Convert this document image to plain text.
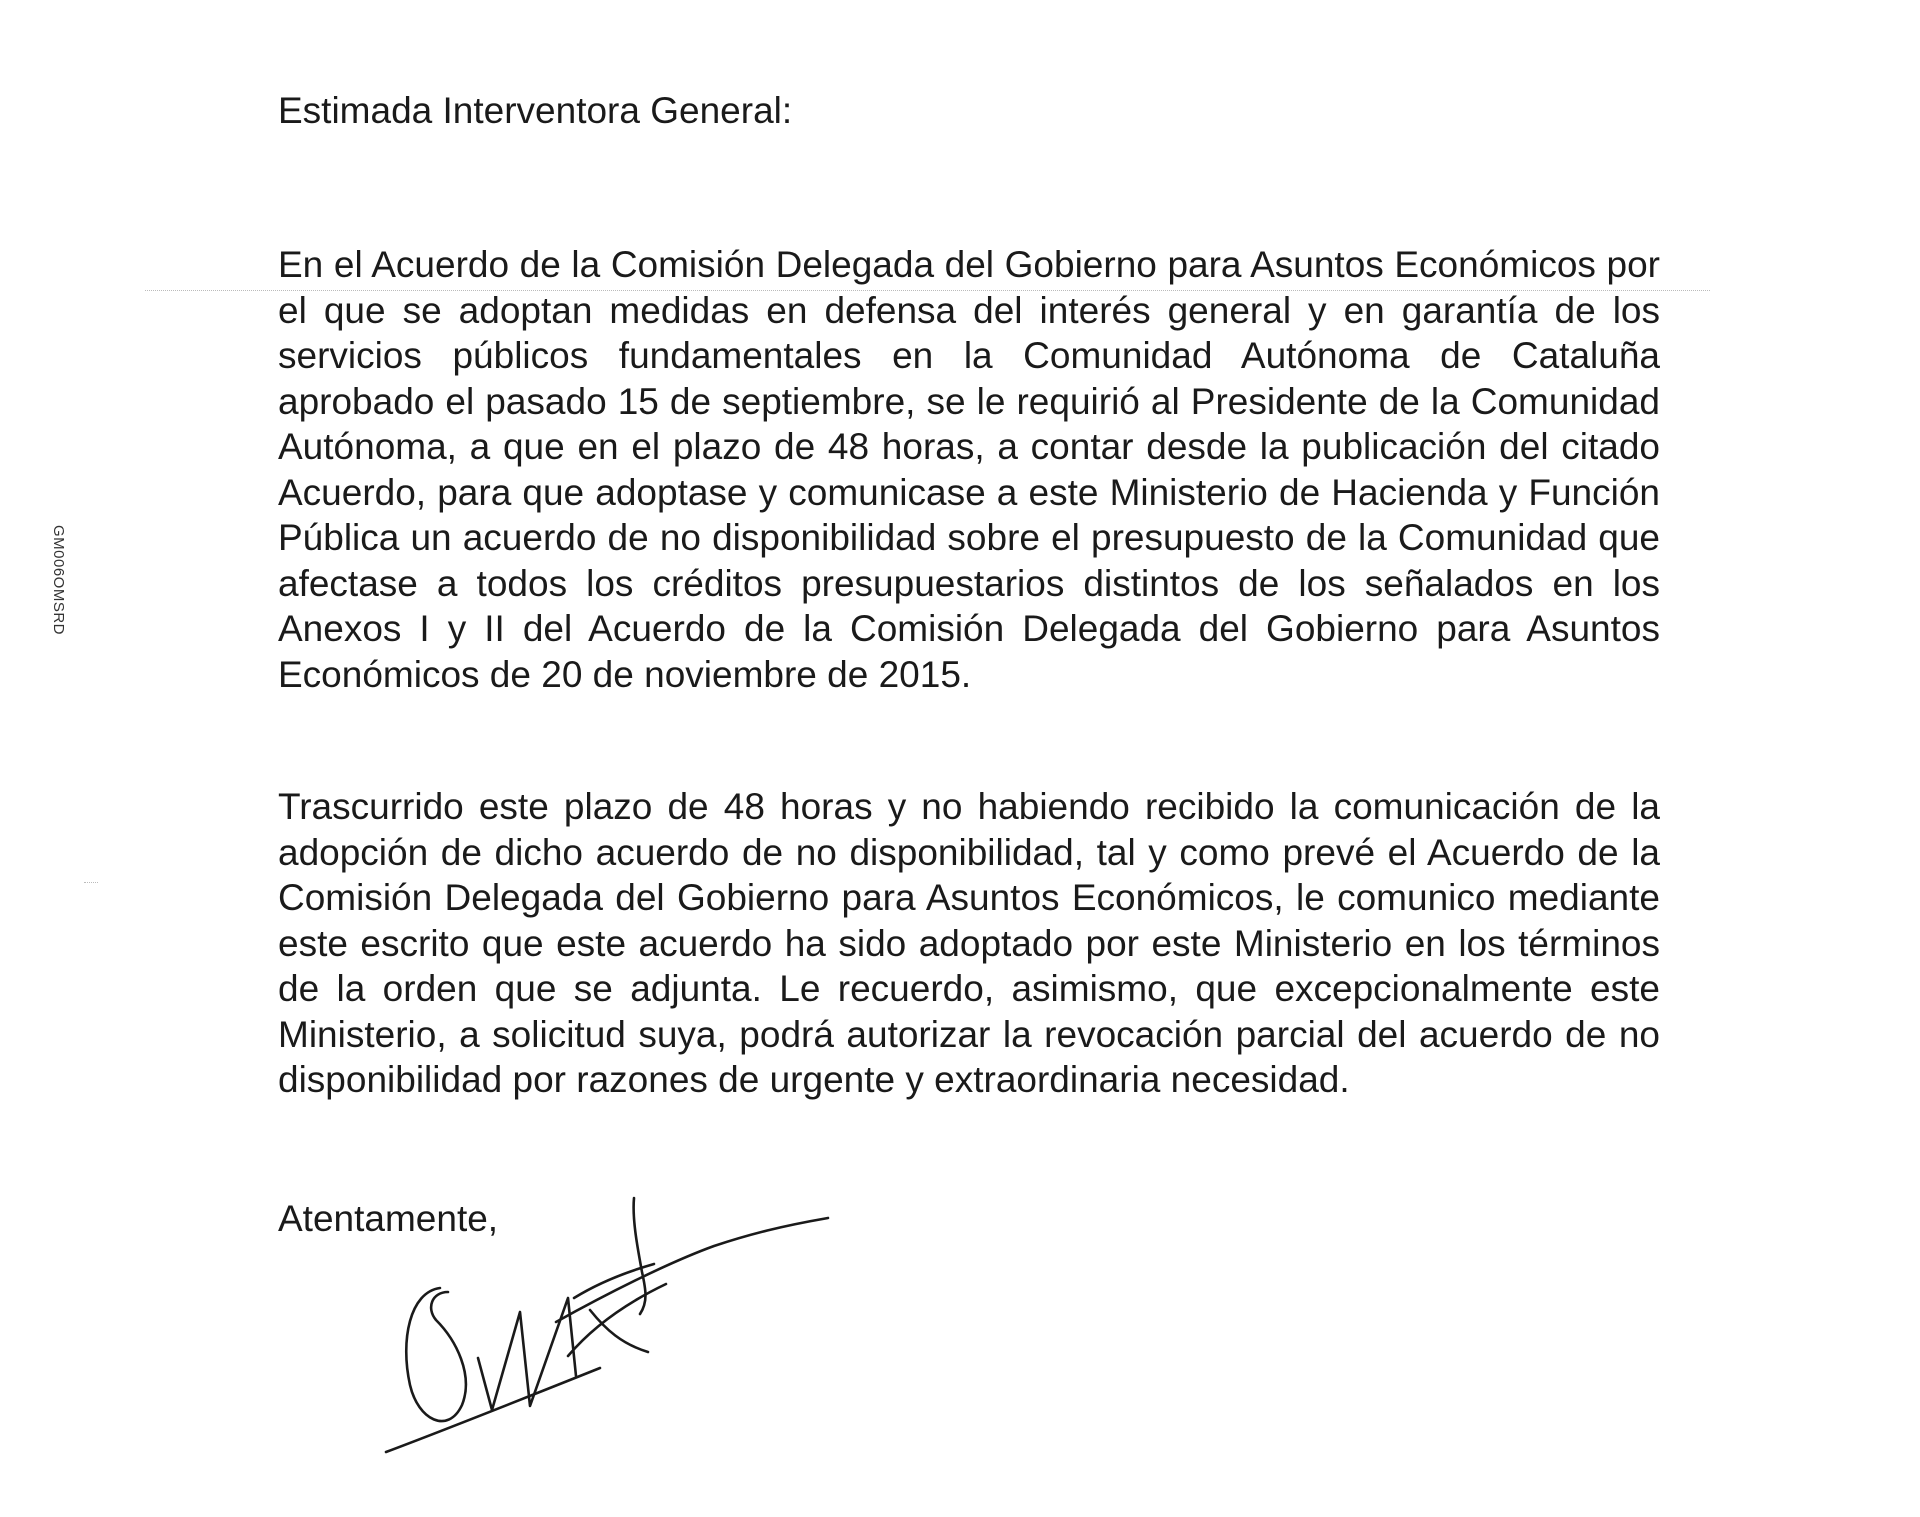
GM006OMSRD

Estimada Interventora General:

En el Acuerdo de la Comisión Delegada del Gobierno para Asuntos Económicos por el que se adoptan medidas en defensa del interés general y en garantía de los servicios públicos fundamentales en la Comunidad Autónoma de Cataluña aprobado el pasado 15 de septiembre, se le requirió al Presidente de la Comunidad Autónoma, a que en el plazo de 48 horas, a contar desde la publicación del citado Acuerdo, para que adoptase y comunicase a este Ministerio de Hacienda y Función Pública un acuerdo de no disponibilidad sobre el presupuesto de la Comunidad que afectase a todos los créditos presupuestarios distintos de los señalados en los Anexos I y II del Acuerdo de la Comisión Delegada del Gobierno para Asuntos Económicos de 20 de noviembre de 2015.

Trascurrido este plazo de 48 horas y no habiendo recibido la comunicación de la adopción de dicho acuerdo de no disponibilidad, tal y como prevé el Acuerdo de la Comisión Delegada del Gobierno para Asuntos Económicos, le comunico mediante este escrito que este acuerdo ha sido adoptado por este Ministerio en los términos de la orden que se adjunta. Le recuerdo, asimismo, que excepcionalmente este Ministerio, a solicitud suya, podrá autorizar la revocación parcial del acuerdo de no disponibilidad por razones de urgente y extraordinaria necesidad.

Atentamente,
